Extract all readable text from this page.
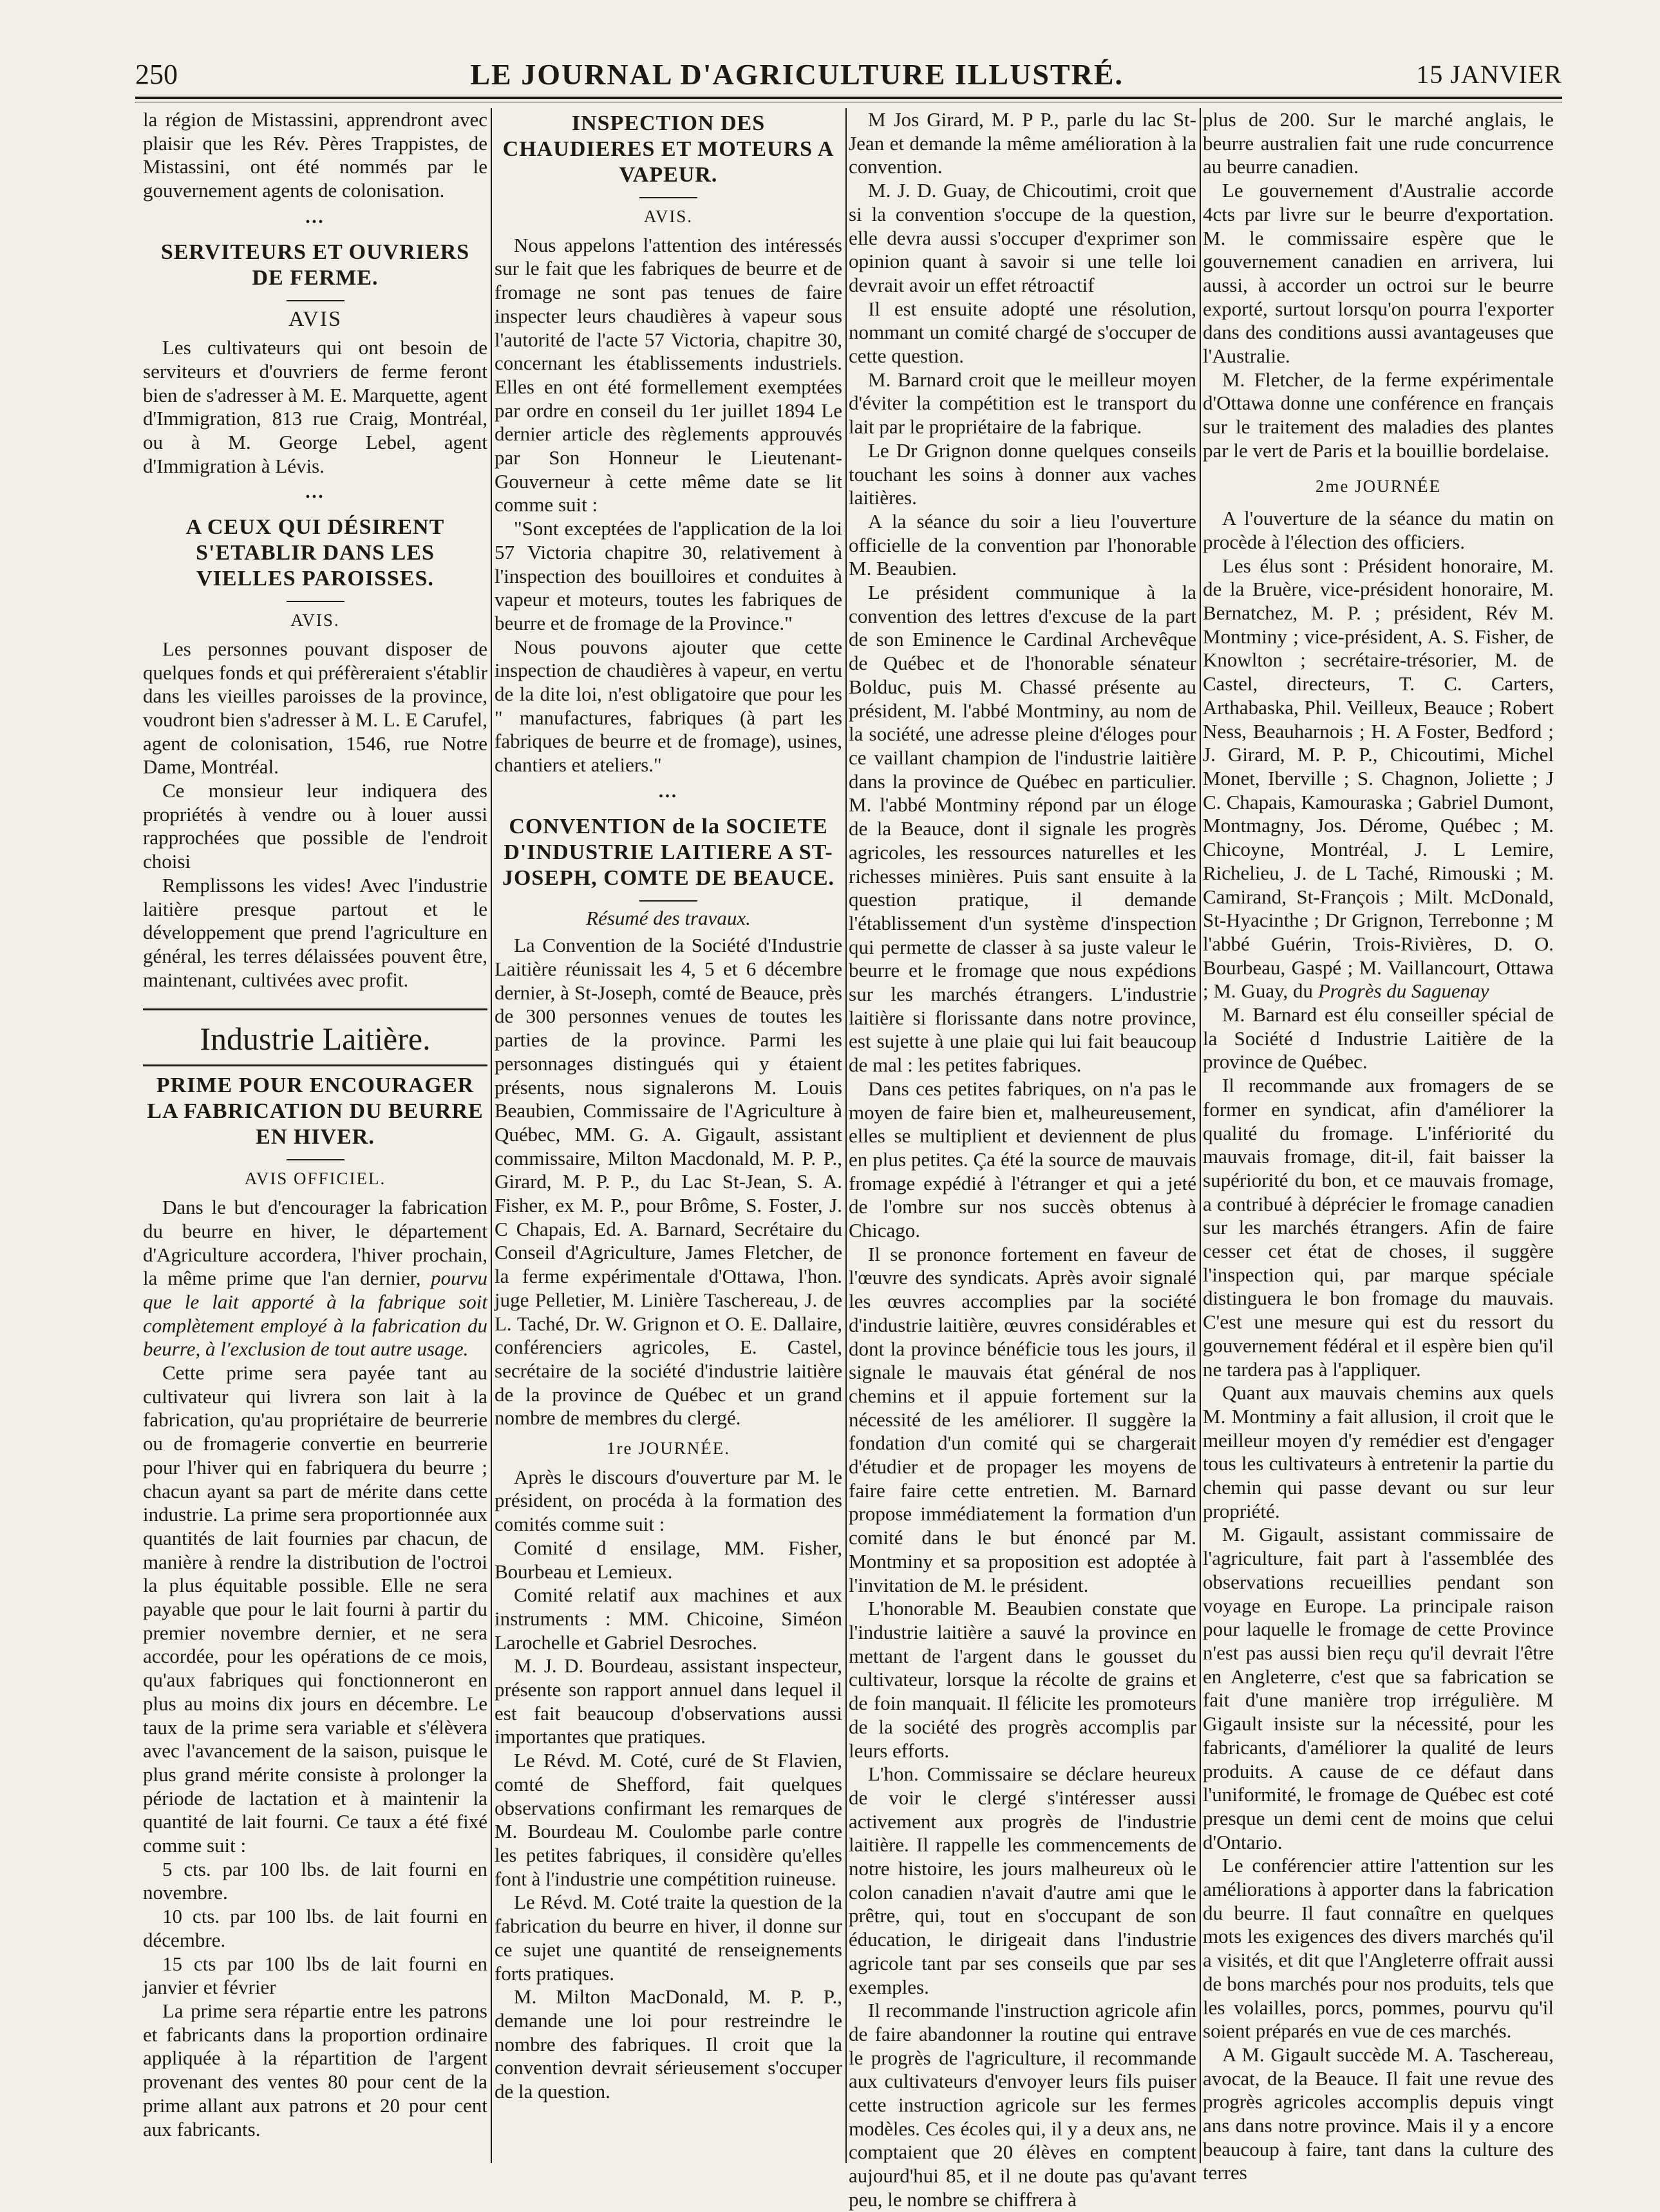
250	LE JOURNAL D'AGRICULTURE ILLUSTRÉ.	15 JANVIER

la région de Mistassini, apprendront avec plaisir que les Rév. Pères Trappistes, de Mistassini, ont été nommés par le gouvernement agents de colonisation.

•••
SERVITEURS ET OUVRIERS DE FERME.
AVIS

Les cultivateurs qui ont besoin de serviteurs et d'ouvriers de ferme feront bien de s'adresser à M. E. Marquette, agent d'Immigration, 813 rue Craig, Montréal, ou à M. George Lebel, agent d'Immigration à Lévis.

•••
A CEUX QUI DÉSIRENT S'ETABLIR DANS LES VIELLES PAROISSES.
AVIS.

Les personnes pouvant disposer de quelques fonds et qui préfèreraient s'établir dans les vieilles paroisses de la province, voudront bien s'adresser à M. L. E Carufel, agent de colonisation, 1546, rue Notre Dame, Montréal.

Ce monsieur leur indiquera des propriétés à vendre ou à louer aussi rapprochées que possible de l'endroit choisi

Remplissons les vides! Avec l'industrie laitière presque partout et le développement que prend l'agriculture en général, les terres délaissées pouvent être, maintenant, cultivées avec profit.

Industrie Laitière.
PRIME POUR ENCOURAGER LA FABRICATION DU BEURRE EN HIVER.
AVIS OFFICIEL.

Dans le but d'encourager la fabrication du beurre en hiver, le département d'Agriculture accordera, l'hiver prochain, la même prime que l'an dernier, pourvu que le lait apporté à la fabrique soit complètement employé à la fabrication du beurre, à l'exclusion de tout autre usage.

Cette prime sera payée tant au cultivateur qui livrera son lait à la fabrication, qu'au propriétaire de beurrerie ou de fromagerie convertie en beurrerie pour l'hiver qui en fabriquera du beurre ; chacun ayant sa part de mérite dans cette industrie. La prime sera proportionnée aux quantités de lait fournies par chacun, de manière à rendre la distribution de l'octroi la plus équitable possible. Elle ne sera payable que pour le lait fourni à partir du premier novembre dernier, et ne sera accordée, pour les opérations de ce mois, qu'aux fabriques qui fonctionneront en plus au moins dix jours en décembre. Le taux de la prime sera variable et s'élèvera avec l'avancement de la saison, puisque le plus grand mérite consiste à prolonger la période de lactation et à maintenir la quantité de lait fourni. Ce taux a été fixé comme suit :

5 cts. par 100 lbs. de lait fourni en novembre.

10 cts. par 100 lbs. de lait fourni en décembre.

15 cts par 100 lbs de lait fourni en janvier et février

La prime sera répartie entre les patrons et fabricants dans la proportion ordinaire appliquée à la répartition de l'argent provenant des ventes 80 pour cent de la prime allant aux patrons et 20 pour cent aux fabricants.

INSPECTION DES CHAUDIERES ET MOTEURS A VAPEUR.
AVIS.

Nous appelons l'attention des intéressés sur le fait que les fabriques de beurre et de fromage ne sont pas tenues de faire inspecter leurs chaudières à vapeur sous l'autorité de l'acte 57 Victoria, chapitre 30, concernant les établissements industriels. Elles en ont été formellement exemptées par ordre en conseil du 1er juillet 1894 Le dernier article des règlements approuvés par Son Honneur le Lieutenant-Gouverneur à cette même date se lit comme suit :

"Sont exceptées de l'application de la loi 57 Victoria chapitre 30, relativement à l'inspection des bouilloires et conduites à vapeur et moteurs, toutes les fabriques de beurre et de fromage de la Province."

Nous pouvons ajouter que cette inspection de chaudières à vapeur, en vertu de la dite loi, n'est obligatoire que pour les " manufactures, fabriques (à part les fabriques de beurre et de fromage), usines, chantiers et ateliers."

•••
CONVENTION de la SOCIETE D'INDUSTRIE LAITIERE A ST-JOSEPH, COMTE DE BEAUCE.
Résumé des travaux.

La Convention de la Société d'Industrie Laitière réunissait les 4, 5 et 6 décembre dernier, à St-Joseph, comté de Beauce, près de 300 personnes venues de toutes les parties de la province. Parmi les personnages distingués qui y étaient présents, nous signalerons M. Louis Beaubien, Commissaire de l'Agriculture à Québec, MM. G. A. Gigault, assistant commissaire, Milton Macdonald, M. P. P., Girard, M. P. P., du Lac St-Jean, S. A. Fisher, ex M. P., pour Brôme, S. Foster, J. C Chapais, Ed. A. Barnard, Secrétaire du Conseil d'Agriculture, James Fletcher, de la ferme expérimentale d'Ottawa, l'hon. juge Pelletier, M. Linière Taschereau, J. de L. Taché, Dr. W. Grignon et O. E. Dallaire, conférenciers agricoles, E. Castel, secrétaire de la société d'industrie laitière de la province de Québec et un grand nombre de membres du clergé.

1re JOURNÉE.

Après le discours d'ouverture par M. le président, on procéda à la formation des comités comme suit :

Comité d ensilage, MM. Fisher, Bourbeau et Lemieux.

Comité relatif aux machines et aux instruments : MM. Chicoine, Siméon Larochelle et Gabriel Desroches.

M. J. D. Bourdeau, assistant inspecteur, présente son rapport annuel dans lequel il est fait beaucoup d'observations aussi importantes que pratiques.

Le Révd. M. Coté, curé de St Flavien, comté de Shefford, fait quelques observations confirmant les remarques de M. Bourdeau M. Coulombe parle contre les petites fabriques, il considère qu'elles font à l'industrie une compétition ruineuse.

Le Révd. M. Coté traite la question de la fabrication du beurre en hiver, il donne sur ce sujet une quantité de renseignements forts pratiques.

M. Milton MacDonald, M. P. P., demande une loi pour restreindre le nombre des fabriques. Il croit que la convention devrait sérieusement s'occuper de la question.

M Jos Girard, M. P P., parle du lac St-Jean et demande la même amélioration à la convention.

M. J. D. Guay, de Chicoutimi, croit que si la convention s'occupe de la question, elle devra aussi s'occuper d'exprimer son opinion quant à savoir si une telle loi devrait avoir un effet rétroactif

Il est ensuite adopté une résolution, nommant un comité chargé de s'occuper de cette question.

M. Barnard croit que le meilleur moyen d'éviter la compétition est le transport du lait par le propriétaire de la fabrique.

Le Dr Grignon donne quelques conseils touchant les soins à donner aux vaches laitières.

A la séance du soir a lieu l'ouverture officielle de la convention par l'honorable M. Beaubien.

Le président communique à la convention des lettres d'excuse de la part de son Eminence le Cardinal Archevêque de Québec et de l'honorable sénateur Bolduc, puis M. Chassé présente au président, M. l'abbé Montminy, au nom de la société, une adresse pleine d'éloges pour ce vaillant champion de l'industrie laitière dans la province de Québec en particulier. M. l'abbé Montminy répond par un éloge de la Beauce, dont il signale les progrès agricoles, les ressources naturelles et les richesses minières. Puis sant ensuite à la question pratique, il demande l'établissement d'un système d'inspection qui permette de classer à sa juste valeur le beurre et le fromage que nous expédions sur les marchés étrangers. L'industrie laitière si florissante dans notre province, est sujette à une plaie qui lui fait beaucoup de mal : les petites fabriques.

Dans ces petites fabriques, on n'a pas le moyen de faire bien et, malheureusement, elles se multiplient et deviennent de plus en plus petites. Ça été la source de mauvais fromage expédié à l'étranger et qui a jeté de l'ombre sur nos succès obtenus à Chicago.

Il se prononce fortement en faveur de l'œuvre des syndicats. Après avoir signalé les œuvres accomplies par la société d'industrie laitière, œuvres considérables et dont la province bénéficie tous les jours, il signale le mauvais état général de nos chemins et il appuie fortement sur la nécessité de les améliorer. Il suggère la fondation d'un comité qui se chargerait d'étudier et de propager les moyens de faire faire cette entretien. M. Barnard propose immédiatement la formation d'un comité dans le but énoncé par M. Montminy et sa proposition est adoptée à l'invitation de M. le président.

L'honorable M. Beaubien constate que l'industrie laitière a sauvé la province en mettant de l'argent dans le gousset du cultivateur, lorsque la récolte de grains et de foin manquait. Il félicite les promoteurs de la société des progrès accomplis par leurs efforts.

L'hon. Commissaire se déclare heureux de voir le clergé s'intéresser aussi activement aux progrès de l'industrie laitière. Il rappelle les commencements de notre histoire, les jours malheureux où le colon canadien n'avait d'autre ami que le prêtre, qui, tout en s'occupant de son éducation, le dirigeait dans l'industrie agricole tant par ses conseils que par ses exemples.

Il recommande l'instruction agricole afin de faire abandonner la routine qui entrave le progrès de l'agriculture, il recommande aux cultivateurs d'envoyer leurs fils puiser cette instruction agricole sur les fermes modèles. Ces écoles qui, il y a deux ans, ne comptaient que 20 élèves en comptent aujourd'hui 85, et il ne doute pas qu'avant peu, le nombre se chiffrera à

plus de 200. Sur le marché anglais, le beurre australien fait une rude concurrence au beurre canadien.

Le gouvernement d'Australie accorde 4cts par livre sur le beurre d'exportation. M. le commissaire espère que le gouvernement canadien en arrivera, lui aussi, à accorder un octroi sur le beurre exporté, surtout lorsqu'on pourra l'exporter dans des conditions aussi avantageuses que l'Australie.

M. Fletcher, de la ferme expérimentale d'Ottawa donne une conférence en français sur le traitement des maladies des plantes par le vert de Paris et la bouillie bordelaise.

2me JOURNÉE

A l'ouverture de la séance du matin on procède à l'élection des officiers.

Les élus sont : Président honoraire, M. de la Bruère, vice-président honoraire, M. Bernatchez, M. P. ; président, Rév M. Montminy ; vice-président, A. S. Fisher, de Knowlton ; secrétaire-trésorier, M. de Castel, directeurs, T. C. Carters, Arthabaska, Phil. Veilleux, Beauce ; Robert Ness, Beauharnois ; H. A Foster, Bedford ; J. Girard, M. P. P., Chicoutimi, Michel Monet, Iberville ; S. Chagnon, Joliette ; J C. Chapais, Kamouraska ; Gabriel Dumont, Montmagny, Jos. Dérome, Québec ; M. Chicoyne, Montréal, J. L Lemire, Richelieu, J. de L Taché, Rimouski ; M. Camirand, St-François ; Milt. McDonald, St-Hyacinthe ; Dr Grignon, Terrebonne ; M l'abbé Guérin, Trois-Rivières, D. O. Bourbeau, Gaspé ; M. Vaillancourt, Ottawa ; M. Guay, du Progrès du Saguenay

M. Barnard est élu conseiller spécial de la Société d Industrie Laitière de la province de Québec.

Il recommande aux fromagers de se former en syndicat, afin d'améliorer la qualité du fromage. L'infériorité du mauvais fromage, dit-il, fait baisser la supériorité du bon, et ce mauvais fromage, a contribué à déprécier le fromage canadien sur les marchés étrangers. Afin de faire cesser cet état de choses, il suggère l'inspection qui, par marque spéciale distinguera le bon fromage du mauvais. C'est une mesure qui est du ressort du gouvernement fédéral et il espère bien qu'il ne tardera pas à l'appliquer.

Quant aux mauvais chemins aux quels M. Montminy a fait allusion, il croit que le meilleur moyen d'y remédier est d'engager tous les cultivateurs à entretenir la partie du chemin qui passe devant ou sur leur propriété.

M. Gigault, assistant commissaire de l'agriculture, fait part à l'assemblée des observations recueillies pendant son voyage en Europe. La principale raison pour laquelle le fromage de cette Province n'est pas aussi bien reçu qu'il devrait l'être en Angleterre, c'est que sa fabrication se fait d'une manière trop irrégulière. M Gigault insiste sur la nécessité, pour les fabricants, d'améliorer la qualité de leurs produits. A cause de ce défaut dans l'uniformité, le fromage de Québec est coté presque un demi cent de moins que celui d'Ontario.

Le conférencier attire l'attention sur les améliorations à apporter dans la fabrication du beurre. Il faut connaître en quelques mots les exigences des divers marchés qu'il a visités, et dit que l'Angleterre offrait aussi de bons marchés pour nos produits, tels que les volailles, porcs, pommes, pourvu qu'il soient préparés en vue de ces marchés.

A M. Gigault succède M. A. Taschereau, avocat, de la Beauce. Il fait une revue des progrès agricoles accomplis depuis vingt ans dans notre province. Mais il y a encore beaucoup à faire, tant dans la culture des terres
